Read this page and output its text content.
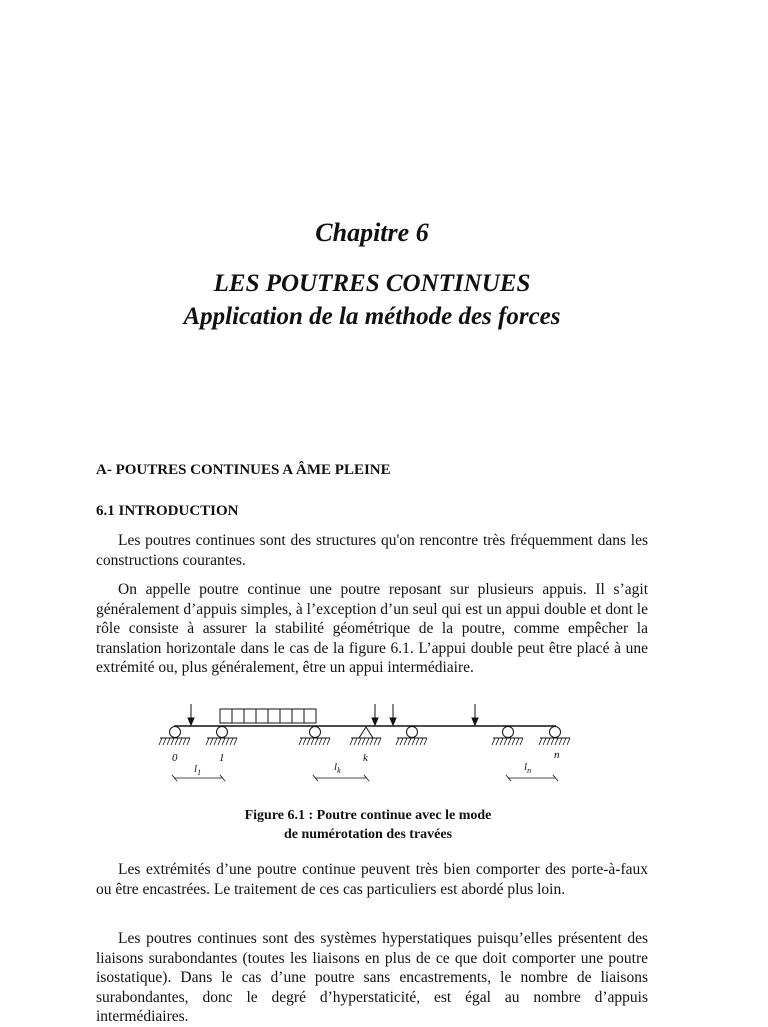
Chapitre 6
LES POUTRES CONTINUES
Application de la méthode des forces
A- POUTRES CONTINUES A ÂME PLEINE
6.1 INTRODUCTION

Les poutres continues sont des structures qu'on rencontre très fréquemment dans les constructions courantes.

On appelle poutre continue une poutre reposant sur plusieurs appuis. Il s’agit généralement d’appuis simples, à l’exception d’un seul qui est un appui double et dont le rôle consiste à assurer la stabilité géométrique de la poutre, comme empêcher la translation horizontale dans le cas de la figure 6.1. L’appui double peut être placé à une extrémité ou, plus généralement, être un appui intermédiaire.

0	1	k	n
$l_1$	$l_k$	$l_n$

Figure 6.1 : Poutre continue avec le mode

de numérotation des travées

Les extrémités d’une poutre continue peuvent très bien comporter des porte-à-faux ou être encastrées. Le traitement de ces cas particuliers est abordé plus loin.

Les poutres continues sont des systèmes hyperstatiques puisqu’elles présentent des liaisons surabondantes (toutes les liaisons en plus de ce que doit comporter une poutre isostatique). Dans le cas d’une poutre sans encastrements, le nombre de liaisons surabondantes, donc le degré d’hyperstaticité, est égal au nombre d’appuis intermédiaires.
